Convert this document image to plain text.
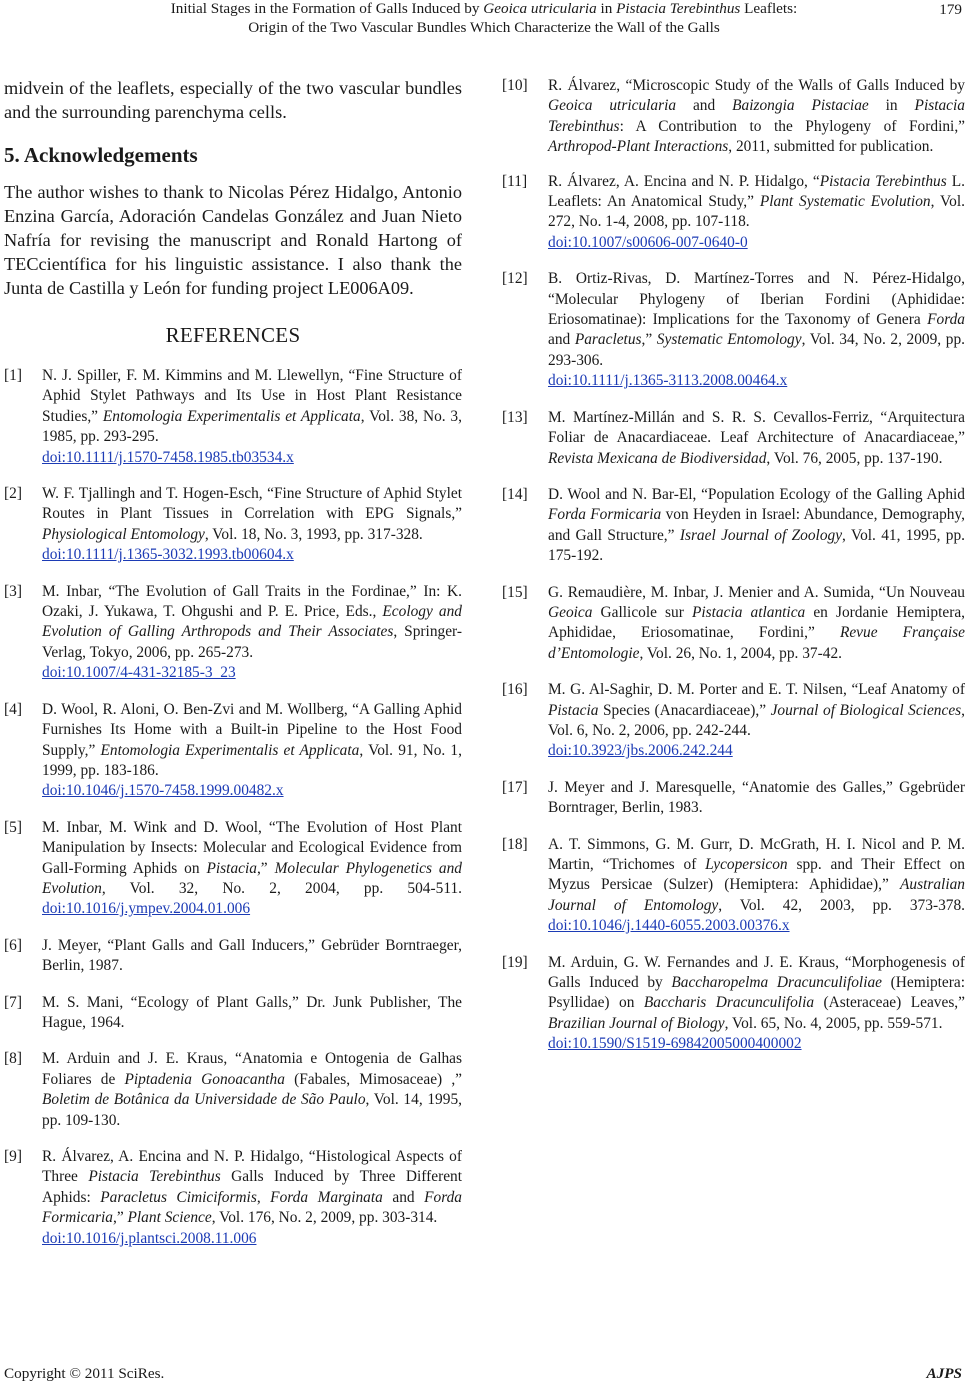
Initial Stages in the Formation of Galls Induced by Geoica utricularia in Pistacia Terebinthus Leaflets:
Origin of the Two Vascular Bundles Which Characterize the Wall of the Galls
179

midvein of the leaflets, especially of the two vascular bundles and the surrounding parenchyma cells.

5. Acknowledgements

The author wishes to thank to Nicolas Pérez Hidalgo, Antonio Enzina García, Adoración Candelas González and Juan Nieto Nafría for revising the manuscript and Ronald Hartong of TECcientífica for his linguistic assistance. I also thank the Junta de Castilla y León for funding project LE006A09.

REFERENCES
[1] N. J. Spiller, F. M. Kimmins and M. Llewellyn, “Fine Structure of Aphid Stylet Pathways and Its Use in Host Plant Resistance Studies,” Entomologia Experimentalis et Applicata, Vol. 38, No. 3, 1985, pp. 293-295.
doi:10.1111/j.1570-7458.1985.tb03534.x
[2] W. F. Tjallingh and T. Hogen-Esch, “Fine Structure of Aphid Stylet Routes in Plant Tissues in Correlation with EPG Signals,” Physiological Entomology, Vol. 18, No. 3, 1993, pp. 317-328.
doi:10.1111/j.1365-3032.1993.tb00604.x
[3] M. Inbar, “The Evolution of Gall Traits in the Fordinae,” In: K. Ozaki, J. Yukawa, T. Ohgushi and P. E. Price, Eds., Ecology and Evolution of Galling Arthropods and Their Associates, Springer-Verlag, Tokyo, 2006, pp. 265-273.
doi:10.1007/4-431-32185-3_23
[4] D. Wool, R. Aloni, O. Ben-Zvi and M. Wollberg, “A Galling Aphid Furnishes Its Home with a Built-in Pipeline to the Host Food Supply,” Entomologia Experimentalis et Applicata, Vol. 91, No. 1, 1999, pp. 183-186.
doi:10.1046/j.1570-7458.1999.00482.x
[5] M. Inbar, M. Wink and D. Wool, “The Evolution of Host Plant Manipulation by Insects: Molecular and Ecological Evidence from Gall-Forming Aphids on Pistacia,” Molecular Phylogenetics and Evolution, Vol. 32, No. 2, 2004, pp. 504-511. doi:10.1016/j.ympev.2004.01.006
[6] J. Meyer, “Plant Galls and Gall Inducers,” Gebrüder Borntraeger, Berlin, 1987.
[7] M. S. Mani, “Ecology of Plant Galls,” Dr. Junk Publisher, The Hague, 1964.
[8] M. Arduin and J. E. Kraus, “Anatomia e Ontogenia de Galhas Foliares de Piptadenia Gonoacantha (Fabales, Mimosaceae) ,” Boletim de Botânica da Universidade de São Paulo, Vol. 14, 1995, pp. 109-130.
[9] R. Álvarez, A. Encina and N. P. Hidalgo, “Histological Aspects of Three Pistacia Terebinthus Galls Induced by Three Different Aphids: Paracletus Cimiciformis, Forda Marginata and Forda Formicaria,” Plant Science, Vol. 176, No. 2, 2009, pp. 303-314.
doi:10.1016/j.plantsci.2008.11.006
[10] R. Álvarez, “Microscopic Study of the Walls of Galls Induced by Geoica utricularia and Baizongia Pistaciae in Pistacia Terebinthus: A Contribution to the Phylogeny of Fordini,” Arthropod-Plant Interactions, 2011, submitted for publication.
[11] R. Álvarez, A. Encina and N. P. Hidalgo, “Pistacia Terebinthus L. Leaflets: An Anatomical Study,” Plant Systematic Evolution, Vol. 272, No. 1-4, 2008, pp. 107-118.
doi:10.1007/s00606-007-0640-0
[12] B. Ortiz-Rivas, D. Martínez-Torres and N. Pérez-Hidalgo, “Molecular Phylogeny of Iberian Fordini (Aphididae: Eriosomatinae): Implications for the Taxonomy of Genera Forda and Paracletus,” Systematic Entomology, Vol. 34, No. 2, 2009, pp. 293-306.
doi:10.1111/j.1365-3113.2008.00464.x
[13] M. Martínez-Millán and S. R. S. Cevallos-Ferriz, “Arquitectura Foliar de Anacardiaceae. Leaf Architecture of Anacardiaceae,” Revista Mexicana de Biodiversidad, Vol. 76, 2005, pp. 137-190.
[14] D. Wool and N. Bar-El, “Population Ecology of the Galling Aphid Forda Formicaria von Heyden in Israel: Abundance, Demography, and Gall Structure,” Israel Journal of Zoology, Vol. 41, 1995, pp. 175-192.
[15] G. Remaudière, M. Inbar, J. Menier and A. Sumida, “Un Nouveau Geoica Gallicole sur Pistacia atlantica en Jordanie Hemiptera, Aphididae, Eriosomatinae, Fordini,” Revue Française d’Entomologie, Vol. 26, No. 1, 2004, pp. 37-42.
[16] M. G. Al-Saghir, D. M. Porter and E. T. Nilsen, “Leaf Anatomy of Pistacia Species (Anacardiaceae),” Journal of Biological Sciences, Vol. 6, No. 2, 2006, pp. 242-244.
doi:10.3923/jbs.2006.242.244
[17] J. Meyer and J. Maresquelle, “Anatomie des Galles,” Ggebrüder Borntrager, Berlin, 1983.
[18] A. T. Simmons, G. M. Gurr, D. McGrath, H. I. Nicol and P. M. Martin, “Trichomes of Lycopersicon spp. and Their Effect on Myzus Persicae (Sulzer) (Hemiptera: Aphididae),” Australian Journal of Entomology, Vol. 42, 2003, pp. 373-378. doi:10.1046/j.1440-6055.2003.00376.x
[19] M. Arduin, G. W. Fernandes and J. E. Kraus, “Morphogenesis of Galls Induced by Baccharopelma Dracunculifoliae (Hemiptera: Psyllidae) on Baccharis Dracunculifolia (Asteraceae) Leaves,” Brazilian Journal of Biology, Vol. 65, No. 4, 2005, pp. 559-571.
doi:10.1590/S1519-69842005000400002
Copyright © 2011 SciRes.	AJPS
